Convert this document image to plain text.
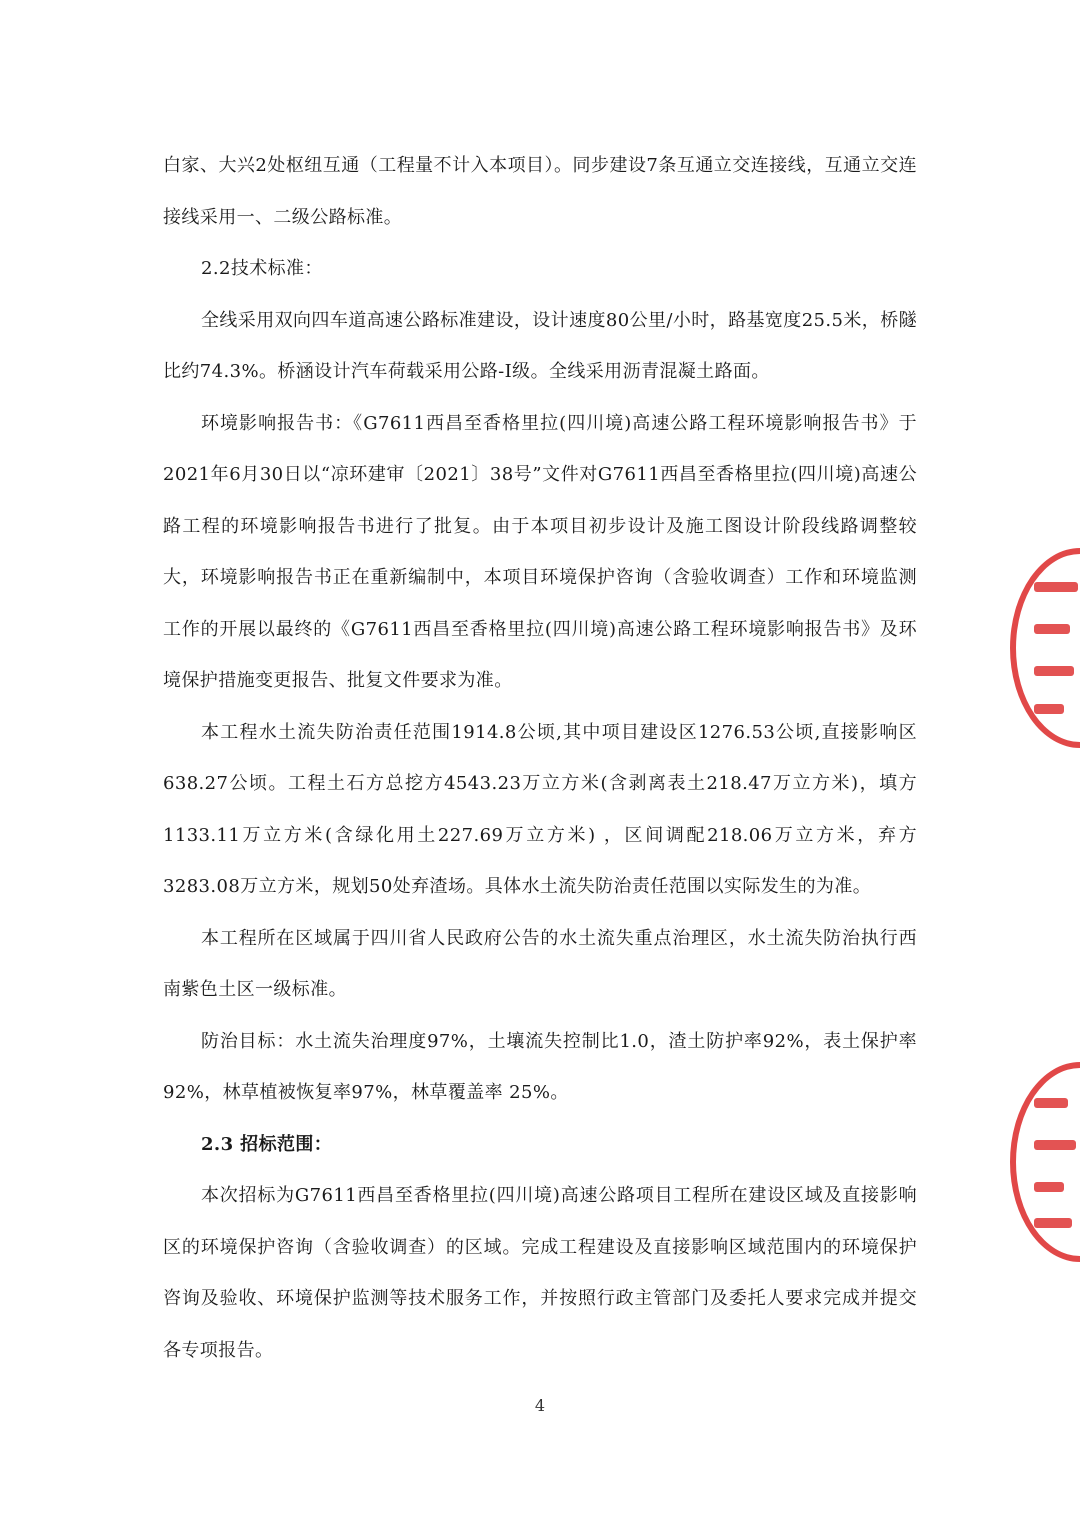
白家、大兴2处枢纽互通（工程量不计入本项目）。同步建设7条互通立交连接线，互通立交连接线采用一、二级公路标准。

2.2技术标准：

全线采用双向四车道高速公路标准建设，设计速度80公里/小时，路基宽度25.5米，桥隧比约74.3%。桥涵设计汽车荷载采用公路-I级。全线采用沥青混凝土路面。

环境影响报告书：《G7611西昌至香格里拉(四川境)高速公路工程环境影响报告书》于2021年6月30日以“凉环建审〔2021〕38号”文件对G7611西昌至香格里拉(四川境)高速公路工程的环境影响报告书进行了批复。由于本项目初步设计及施工图设计阶段线路调整较大，环境影响报告书正在重新编制中，本项目环境保护咨询（含验收调查）工作和环境监测工作的开展以最终的《G7611西昌至香格里拉(四川境)高速公路工程环境影响报告书》及环境保护措施变更报告、批复文件要求为准。

本工程水土流失防治责任范围1914.8公顷,其中项目建设区1276.53公顷,直接影响区638.27公顷。工程土石方总挖方4543.23万立方米(含剥离表土218.47万立方米)，填方1133.11万立方米(含绿化用土227.69万立方米) ，区间调配218.06万立方米，弃方3283.08万立方米，规划50处弃渣场。具体水土流失防治责任范围以实际发生的为准。

本工程所在区域属于四川省人民政府公告的水土流失重点治理区，水土流失防治执行西南紫色土区一级标准。

防治目标：水土流失治理度97%，土壤流失控制比1.0，渣土防护率92%，表土保护率92%，林草植被恢复率97%，林草覆盖率 25%。

2.3 招标范围：

本次招标为G7611西昌至香格里拉(四川境)高速公路项目工程所在建设区域及直接影响区的环境保护咨询（含验收调查）的区域。完成工程建设及直接影响区域范围内的环境保护咨询及验收、环境保护监测等技术服务工作，并按照行政主管部门及委托人要求完成并提交各专项报告。

4
